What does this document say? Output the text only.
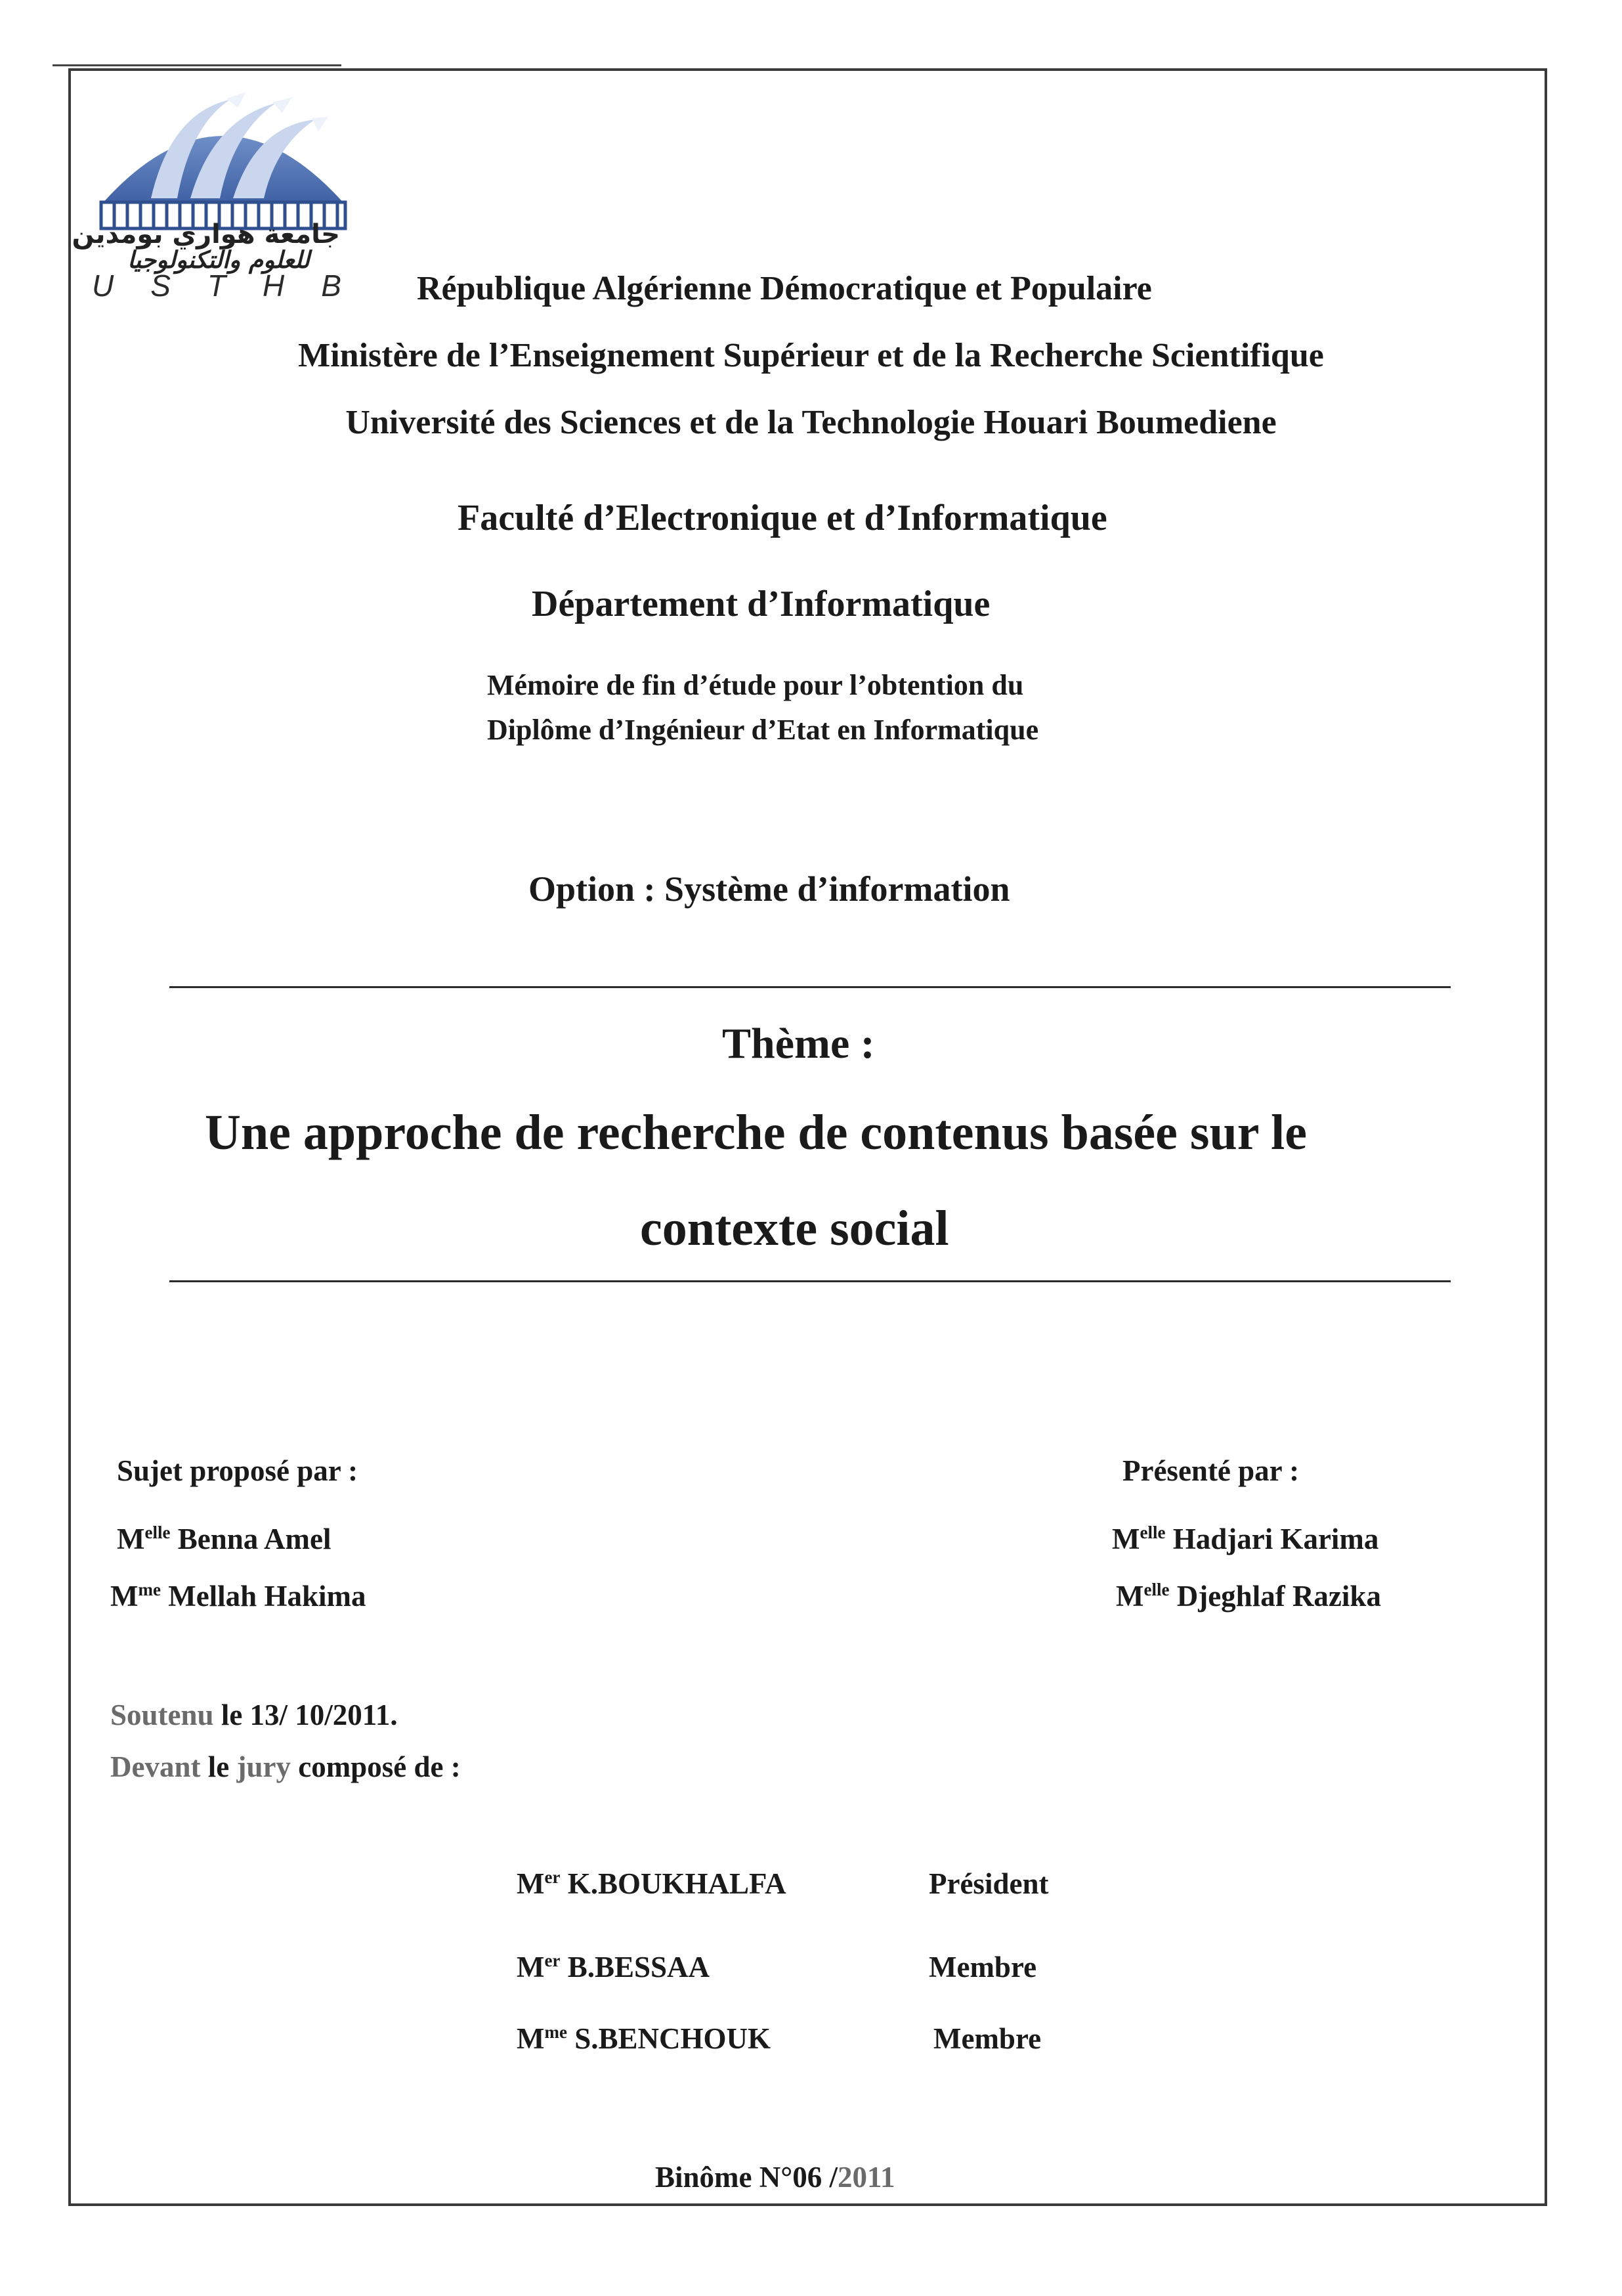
جامعة هواري بومدين
للعلوم والتكنولوجيا
U S T H B République Algérienne Démocratique et Populaire
Ministère de l’Enseignement Supérieur et de la Recherche Scientifique
Université des Sciences et de la Technologie Houari Boumediene
Faculté d’Electronique et d’Informatique
Département d’Informatique
Mémoire de fin d’étude pour l’obtention du
Diplôme d’Ingénieur d’Etat en Informatique
Option : Système d’information
Thème :
Une approche de recherche de contenus basée sur le
contexte social
Sujet proposé par :
$M^{elle}$ Benna Amel
$M^{me}$ Mellah Hakima
Présenté par :
$M^{elle}$ Hadjari Karima
$M^{elle}$ Djeghlaf Razika
Soutenu le 13/ 10/2011.
Devant le jury composé de :
Mer K.BOUKHALFA	Président
Mer B.BESSAA	Membre
$M^{me}$ S.BENCHOUK	Membre
Binôme N°06 /2011
